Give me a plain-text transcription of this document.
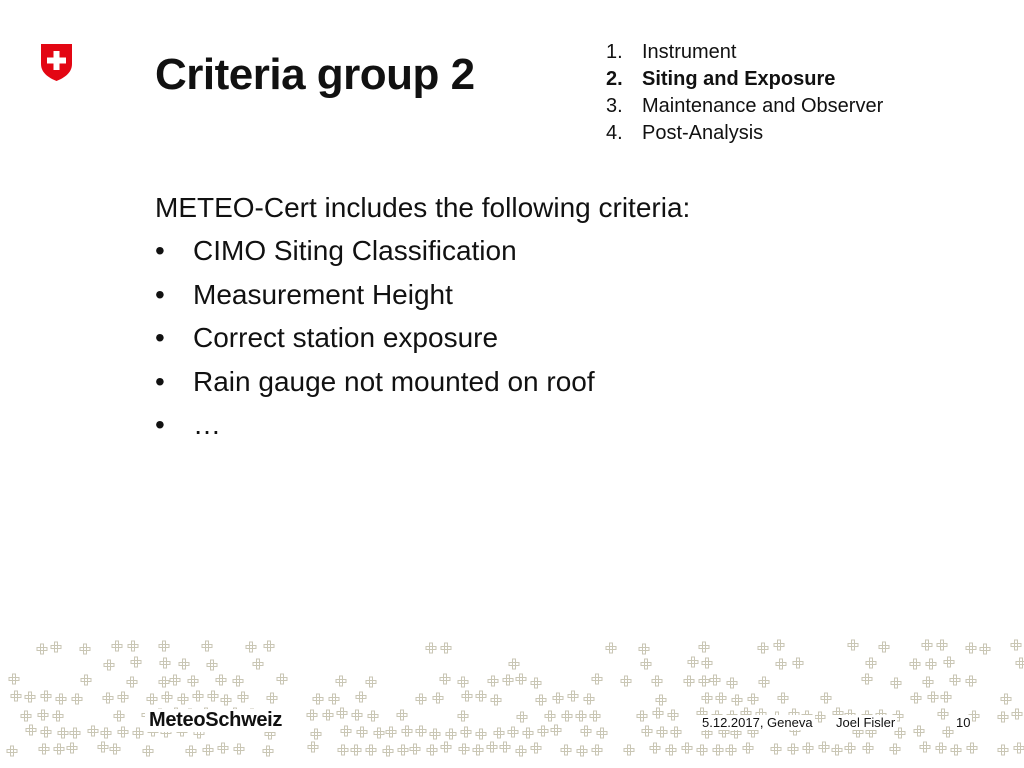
Criteria group 2	1. Instrument
2. Siting and Exposure
3. Maintenance and Observer
4. Post-Analysis

METEO-Cert includes the following criteria:

•	CIMO Siting Classification
•	Measurement Height
•	Correct station exposure
•	Rain gauge not mounted on roof
•	…
MeteoSchweiz	5.12.2017, Geneva Joel Fisler	10
